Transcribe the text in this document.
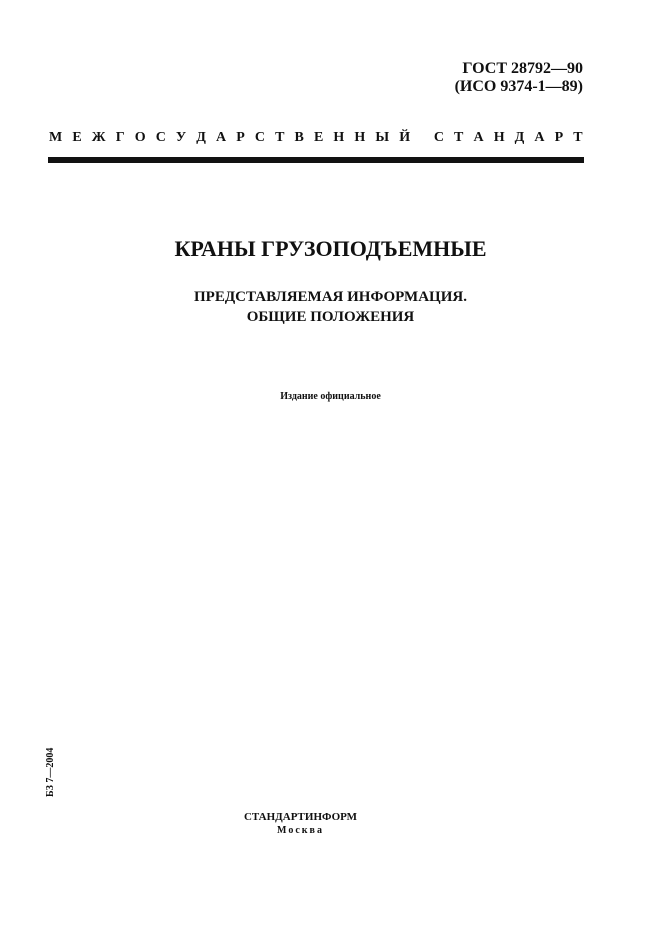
ГОСТ 28792—90
(ИСО 9374-1—89)
М Е Ж Г О С У Д А Р С Т В Е Н Н Ы Й
С Т А Н Д А Р Т
КРАНЫ ГРУЗОПОДЪЕМНЫЕ
ПРЕДСТАВЛЯЕМАЯ ИНФОРМАЦИЯ.
ОБЩИЕ ПОЛОЖЕНИЯ
Издание официальное
БЗ 7—2004
СТАНДАРТИНФОРМ
Москва
